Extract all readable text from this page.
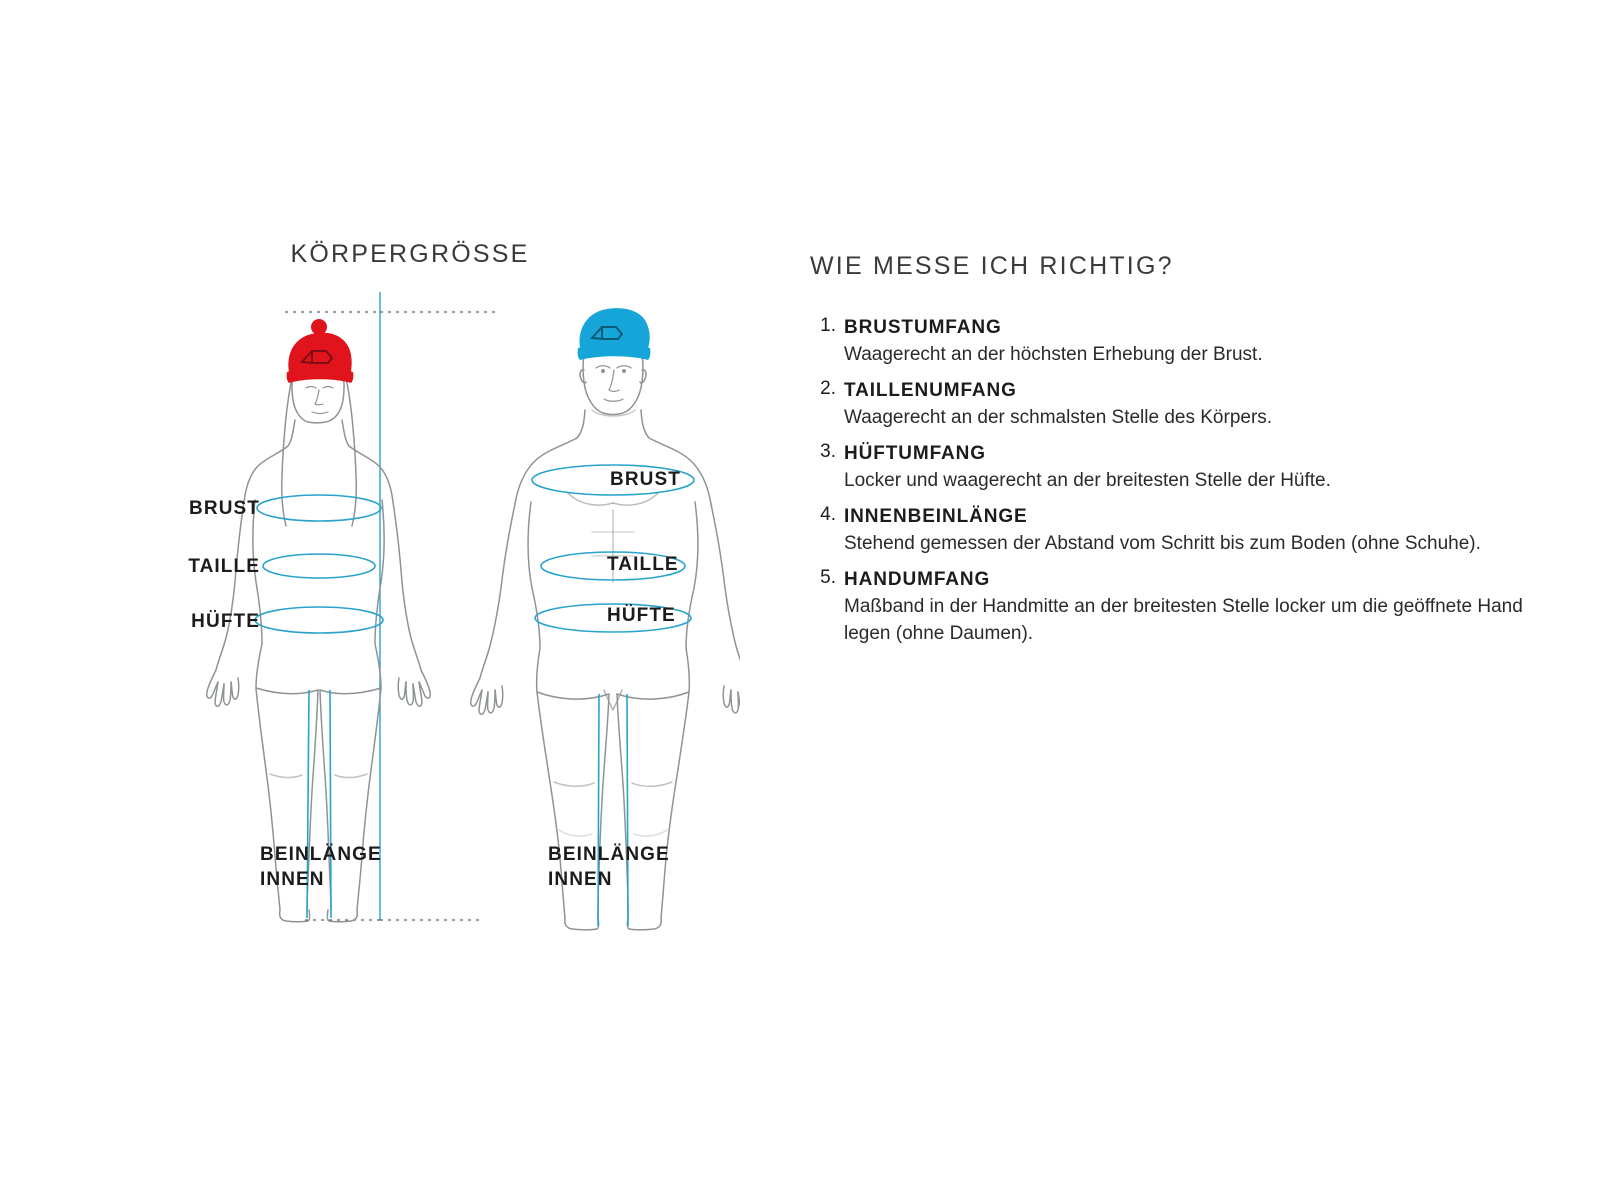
KÖRPERGRÖSSE
BRUST
TAILLE
HÜFTE
BRUST
TAILLE
HÜFTE
BEINLÄNGE
INNEN
BEINLÄNGE
INNEN
WIE MESSE ICH RICHTIG?
1. BRUSTUMFANG
Waagerecht an der höchsten Erhebung der Brust.
2. TAILLENUMFANG
Waagerecht an der schmalsten Stelle des Körpers.
3. HÜFTUMFANG
Locker und waagerecht an der breitesten Stelle der Hüfte.
4. INNENBEINLÄNGE
Stehend gemessen der Abstand vom Schritt bis zum Boden (ohne Schuhe).
5. HANDUMFANG
Maßband in der Handmitte an der breitesten Stelle locker um die geöffnete Hand legen (ohne Daumen).
